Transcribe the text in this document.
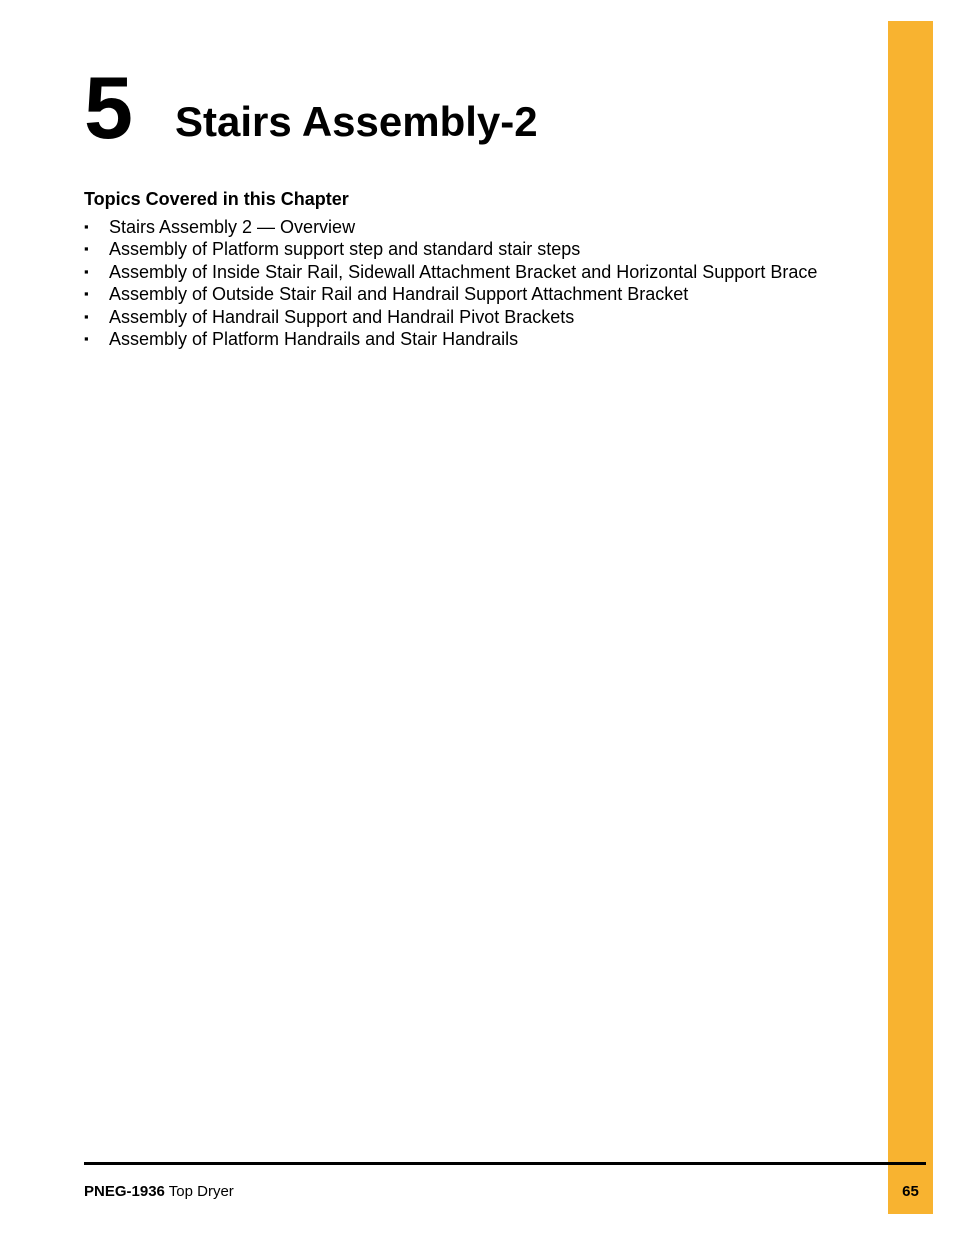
5 Stairs Assembly-2
Topics Covered in this Chapter
▪ Stairs Assembly 2 — Overview
▪ Assembly of Platform support step and standard stair steps
▪ Assembly of Inside Stair Rail, Sidewall Attachment Bracket and Horizontal Support Brace
▪ Assembly of Outside Stair Rail and Handrail Support Attachment Bracket
▪ Assembly of Handrail Support and Handrail Pivot Brackets
▪ Assembly of Platform Handrails and Stair Handrails
PNEG-1936 Top Dryer	65
